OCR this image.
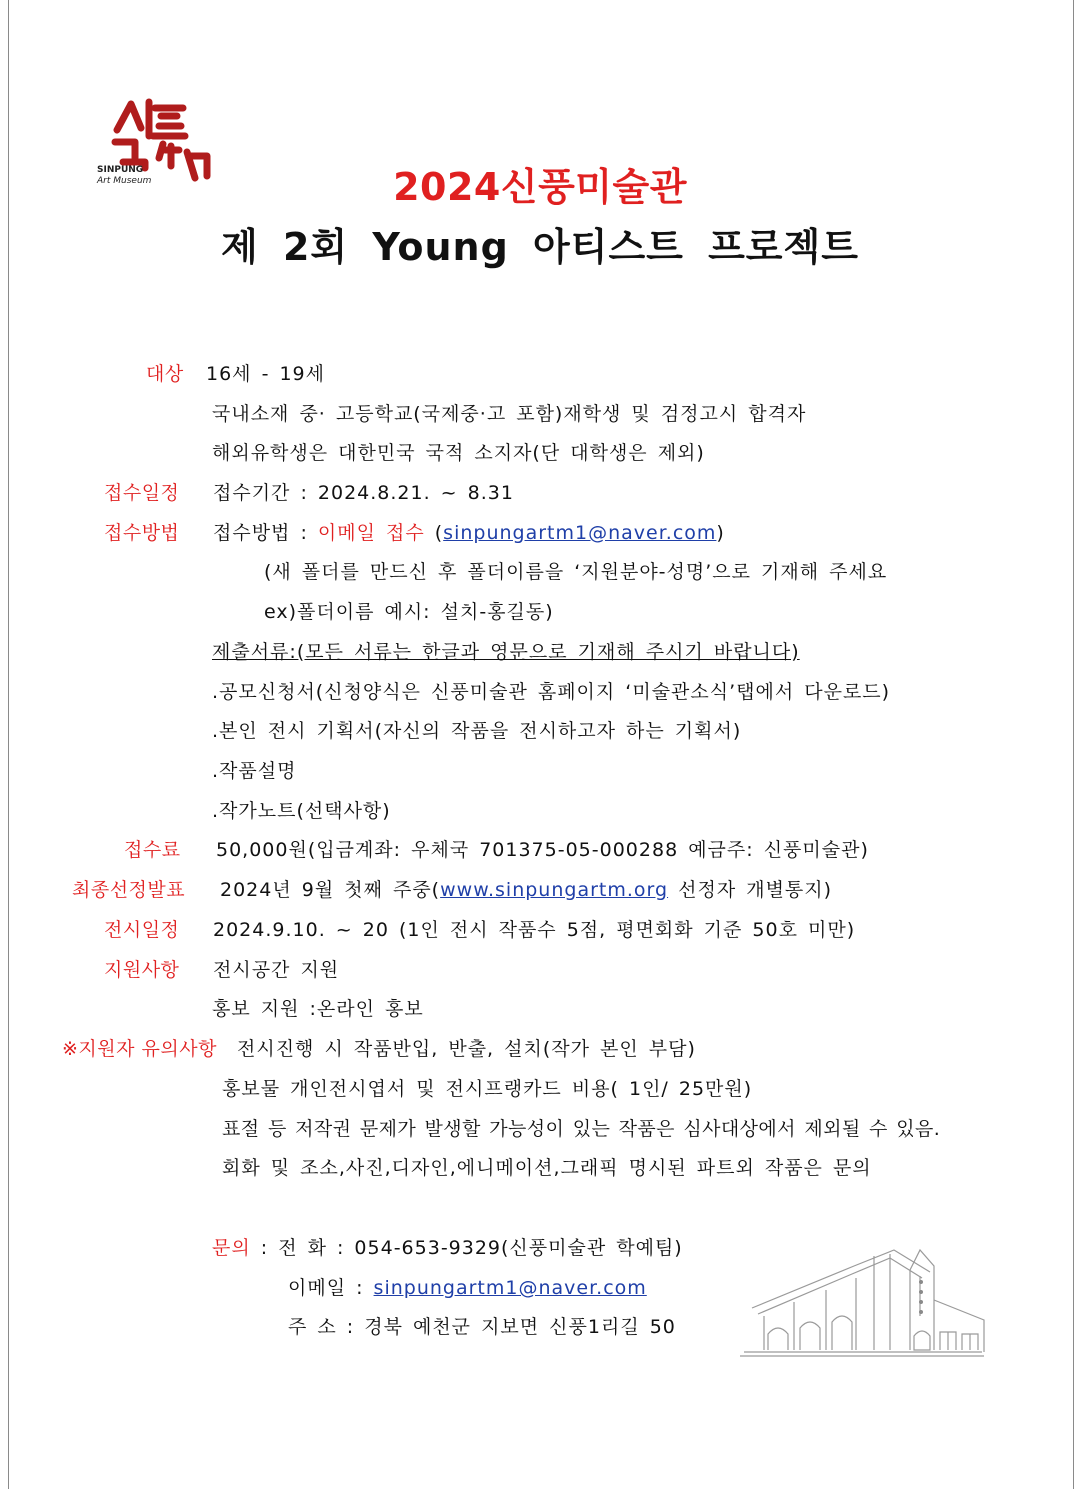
SINPUNG
Art Museum	2024신풍미술관
제 2회 Young 아티스트 프로젝트
대상 16세 - 19세
국내소재 중· 고등학교(국제중·고 포함)재학생 및 검정고시 합격자
해외유학생은 대한민국 국적 소지자(단 대학생은 제외)
접수일정 접수기간 : 2024.8.21. ~ 8.31
접수방법 접수방법 : 이메일 접수 (sinpungartm1@naver.com)
(새 폴더를 만드신 후 폴더이름을 ‘지원분야-성명’으로 기재해 주세요
ex)폴더이름 예시: 설치-홍길동)
제출서류:(모든 서류는 한글과 영문으로 기재해 주시기 바랍니다)
.공모신청서(신청양식은 신풍미술관 홈페이지 ‘미술관소식’탭에서 다운로드)
.본인 전시 기획서(자신의 작품을 전시하고자 하는 기획서)
.작품설명
.작가노트(선택사항)
접수료 50,000원(입금계좌: 우체국 701375-05-000288 예금주: 신풍미술관)
최종선정발표 2024년 9월 첫째 주중(www.sinpungartm.org 선정자 개별통지)
전시일정 2024.9.10. ~ 20 (1인 전시 작품수 5점, 평면회화 기준 50호 미만)
지원사항 전시공간 지원
홍보 지원 :온라인 홍보
※지원자 유의사항 전시진행 시 작품반입, 반출, 설치(작가 본인 부담)
홍보물 개인전시엽서 및 전시프랭카드 비용( 1인/ 25만원)
표절 등 저작권 문제가 발생할 가능성이 있는 작품은 심사대상에서 제외될 수 있음.
회화 및 조소,사진,디자인,에니메이션,그래픽 명시된 파트외 작품은 문의
문의 : 전 화 : 054-653-9329(신풍미술관 학예팀)
이메일 : sinpungartm1@naver.com
주 소 : 경북 예천군 지보면 신풍1리길 50
